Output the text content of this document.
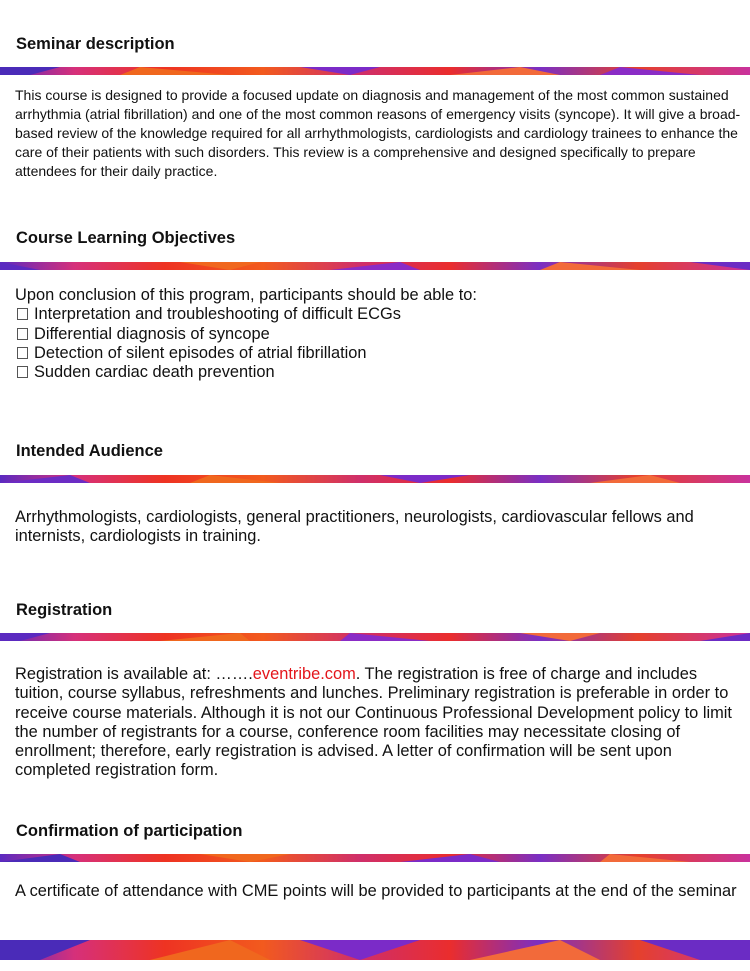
Seminar description

This course is designed to provide a focused update on diagnosis and management of the most common sustained arrhythmia (atrial fibrillation) and one of the most common reasons of emergency visits (syncope). It will give a broad-based review of the knowledge required for all arrhythmologists, cardiologists and cardiology trainees to enhance the care of their patients with such disorders. This review is a comprehensive and designed specifically to prepare attendees for their daily practice.

Course Learning Objectives
Upon conclusion of this program, participants should be able to:
Interpretation and troubleshooting of difficult ECGs
Differential diagnosis of syncope
Detection of silent episodes of atrial fibrillation
Sudden cardiac death prevention
Intended Audience

Arrhythmologists, cardiologists, general practitioners, neurologists, cardiovascular fellows and internists, cardiologists in training.

Registration

Registration is available at: …….eventribe.com. The registration is free of charge and includes tuition, course syllabus, refreshments and lunches. Preliminary registration is preferable in order to receive course materials. Although it is not our Continuous Professional Development policy to limit the number of registrants for a course, conference room facilities may necessitate closing of enrollment; therefore, early registration is advised. A letter of confirmation will be sent upon completed registration form.

Confirmation of participation

A certificate of attendance with CME points will be provided to participants at the end of the seminar
